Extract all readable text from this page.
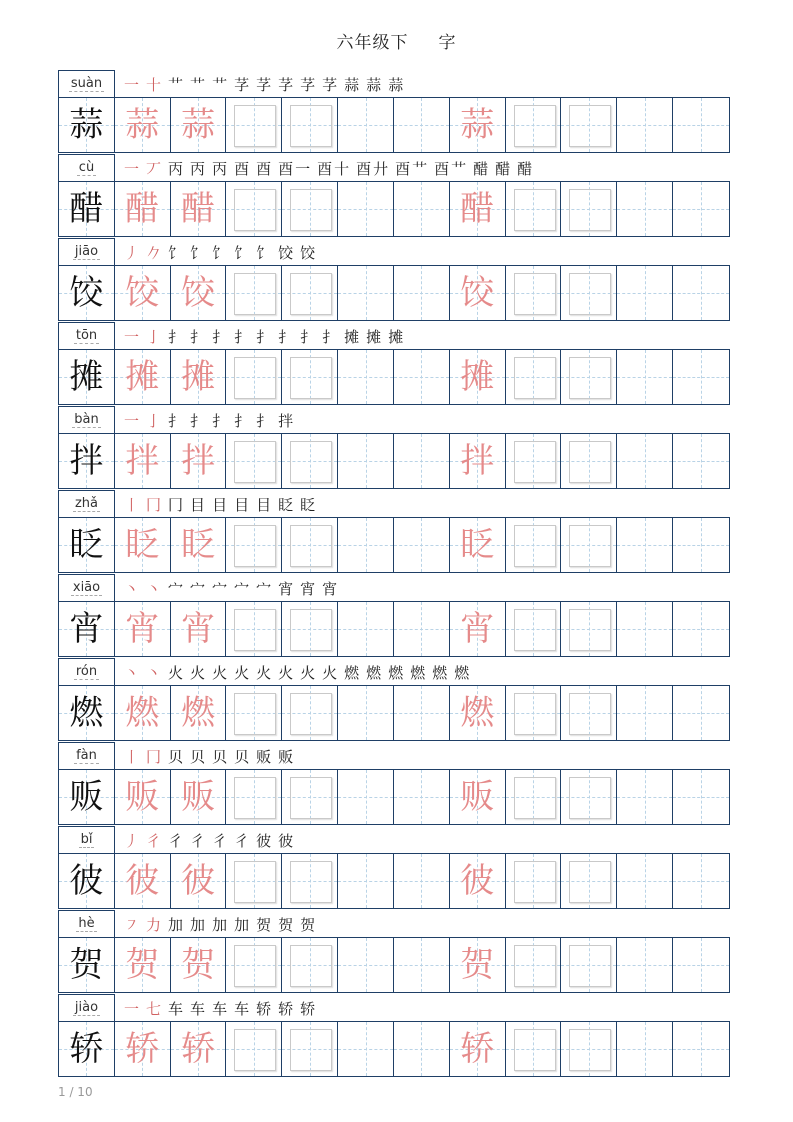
六年级下 字
suàn	一 十 艹 艹 艹 芓 芓 芓 芓 芓 蒜 蒜 蒜
蒜 蒜 蒜	蒜
cù	一 丆 丙 丙 丙 酉 酉 酉一 酉十 酉廾 酉艹 酉艹 醋 醋 醋
醋 醋 醋	醋
jiāo	丿 𠂊 饣 饣 饣 饣 饣 饺 饺
饺 饺 饺	饺
tōn	一 亅 扌 扌 扌 扌 扌 扌 扌 扌 摊 摊 摊
摊 摊 摊	摊
bàn	一 亅 扌 扌 扌 扌 扌 拌
拌 拌 拌	拌
zhǎ	丨 冂 冂 目 目 目 目 眨 眨
眨 眨 眨	眨
xiāo	丶 丶 宀 宀 宀 宀 宀 宵 宵 宵
宵 宵 宵	宵
rón	丶 丶 火 火 火 火 火 火 火 火 燃 燃 燃 燃 燃 燃
燃 燃 燃	燃
fàn	丨 冂 贝 贝 贝 贝 贩 贩
贩 贩 贩	贩
bǐ	丿 彳 彳 彳 彳 彳 彼 彼
彼 彼 彼	彼
hè	㇇ 力 加 加 加 加 贺 贺 贺
贺 贺 贺	贺
jiào	一 七 车 车 车 车 轿 轿 轿
轿 轿 轿	轿
1 / 10
